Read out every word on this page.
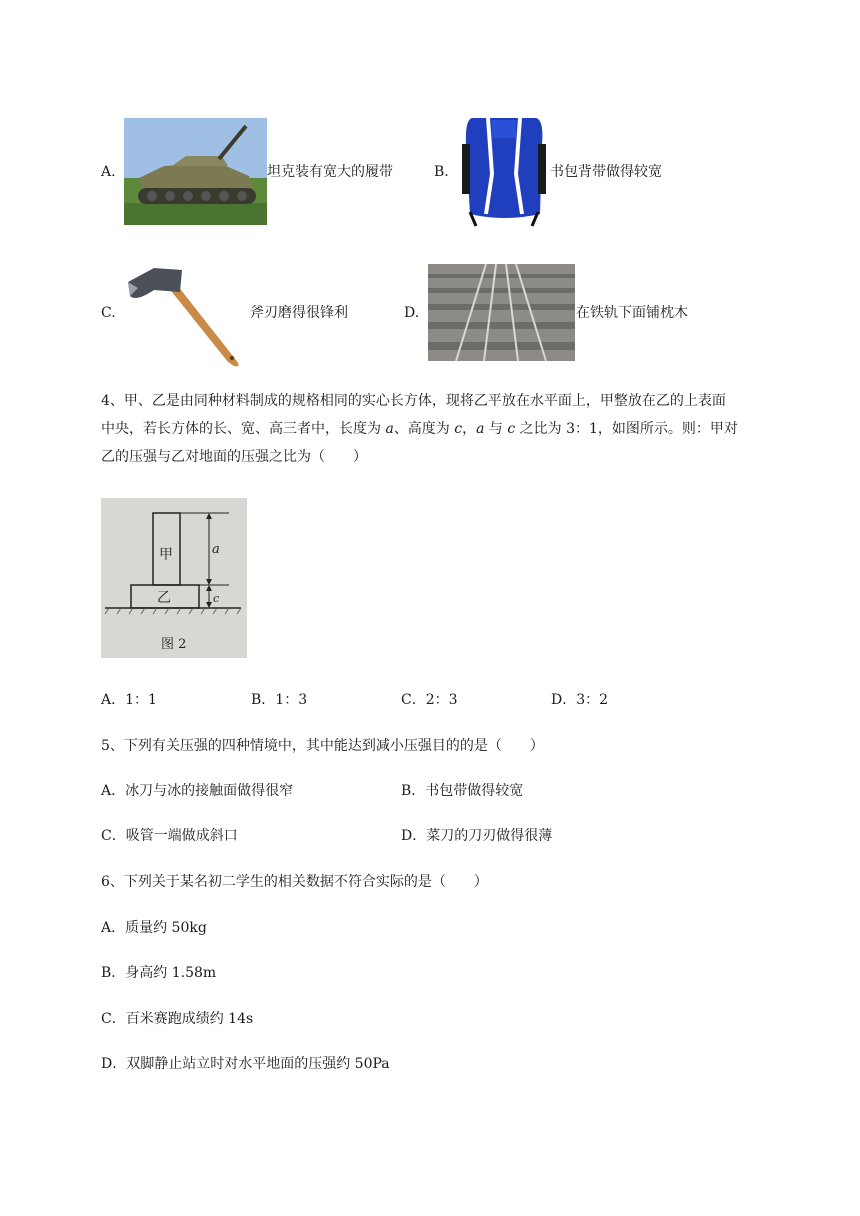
A.	坦克装有宽大的履带	B.	书包背带做得较宽
C.	斧刃磨得很锋利	D.	在铁轨下面铺枕木
4、甲、乙是由同种材料制成的规格相同的实心长方体，现将乙平放在水平面上，甲整放在乙的上表面
中央，若长方体的长、宽、高三者中，长度为 a、高度为 c，a 与 c 之比为 3：1，如图所示。则：甲对
乙的压强与乙对地面的压强之比为（　　）
甲
乙
a
c
图 2
A．1：1	B．1：3	C．2：3	D．3：2
5、下列有关压强的四种情境中，其中能达到减小压强目的的是（　　）
A．冰刀与冰的接触面做得很窄	B．书包带做得较宽
C．吸管一端做成斜口	D．菜刀的刀刃做得很薄
6、下列关于某名初二学生的相关数据不符合实际的是（　　）
A．质量约 50kg
B．身高约 1.58m
C．百米赛跑成绩约 14s
D．双脚静止站立时对水平地面的压强约 50Pa
